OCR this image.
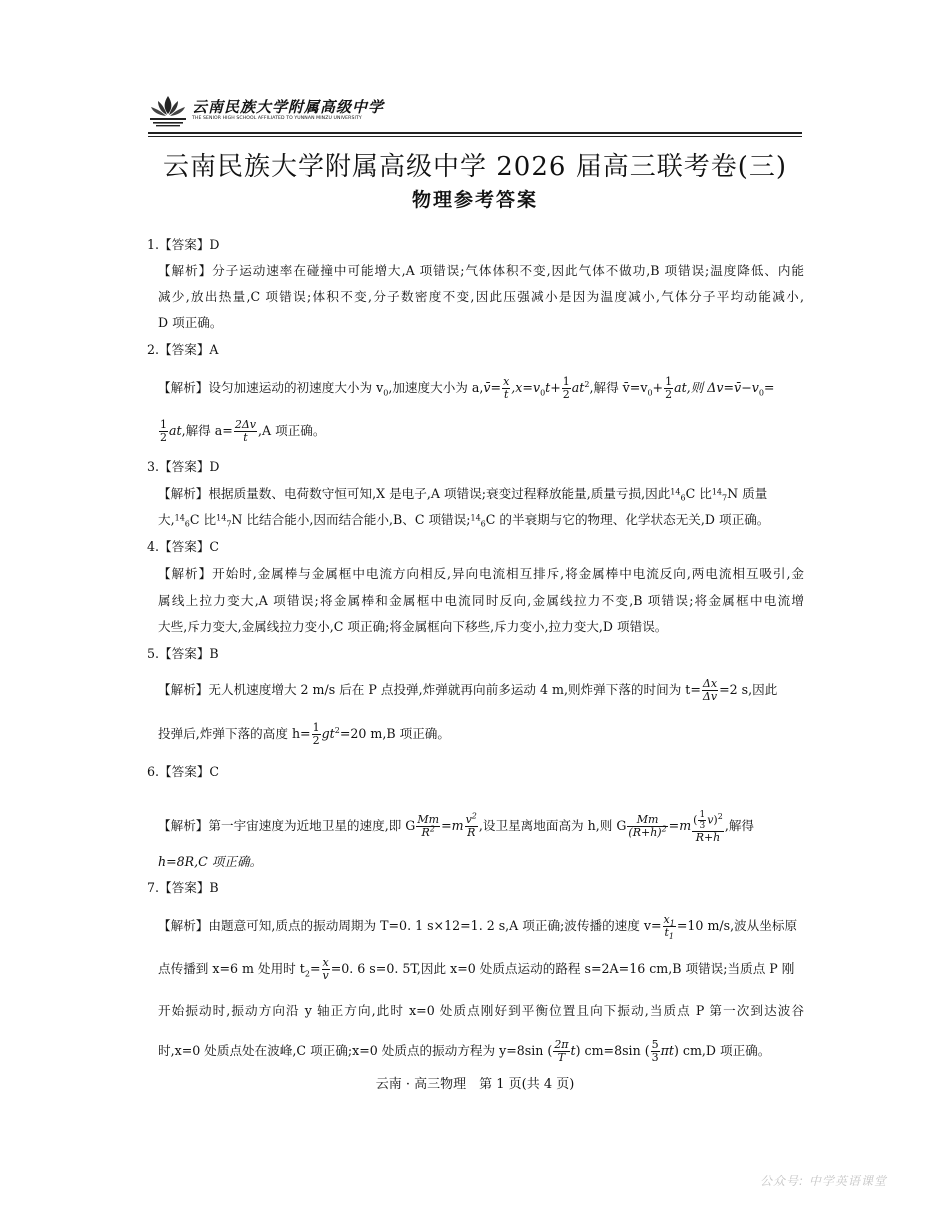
云南民族大学附属高级中学
THE SENIOR HIGH SCHOOL AFFILIATED TO YUNNAN MINZU UNIVERSITY
云南民族大学附属高级中学 2026 届高三联考卷(三)
物理参考答案
1.【答案】D
【解析】分子运动速率在碰撞中可能增大,A 项错误;气体体积不变,因此气体不做功,B 项错误;温度降低、内能
减少,放出热量,C 项错误;体积不变,分子数密度不变,因此压强减小是因为温度减小,气体分子平均动能减小,
D 项正确。
2.【答案】A
【解析】设匀加速运动的初速度大小为 $v_0$,加速度大小为 a,v̄= $\frac{x}{t} ,x=v_0t+ \frac{1}{2} at^2$,解得 $v̄=v_0+ \frac{1}{2}$ at,则 $\Delta v=v̄-v_0=$
$\frac{1}{2}$ at,解得 $a= \frac{2\Delta v}{t} ,A$ 项正确。
3.【答案】D
【解析】根据质量数、电荷数守恒可知,X 是电子,A 项错误;衰变过程释放能量,质量亏损,因此$^{14}_6$C 比$^{14}_7$N 质量
大,$^{14}_6$C 比$^{14}_7$N 比结合能小,因而结合能小,B、C 项错误;$^{14}_6$C 的半衰期与它的物理、化学状态无关,D 项正确。
4.【答案】C
【解析】开始时,金属棒与金属框中电流方向相反,异向电流相互排斥,将金属棒中电流反向,两电流相互吸引,金
属线上拉力变大,A 项错误;将金属棒和金属框中电流同时反向,金属线拉力不变,B 项错误;将金属框中电流增
大些,斥力变大,金属线拉力变小,C 项正确;将金属框向下移些,斥力变小,拉力变大,D 项错误。
5.【答案】B
【解析】无人机速度增大 2 m/s 后在 P 点投弹,炸弹就再向前多运动 4 m,则炸弹下落的时间为 $t= \frac{\Delta x}{\Delta v} =2$ s,因此
投弹后,炸弹下落的高度 $h= \frac{1}{2} gt^2=20$ m,B 项正确。
6.【答案】C
【解析】第一宇宙速度为近地卫星的速度,即 G $\frac{Mm}{R^2} =m \frac{v^2}{R}$ ,设卫星离地面高为 h,则 G $\frac{Mm}{(R+h)^2} =m \frac{( \frac{1}{3} v)^2}{R+h}$ ,解得
h=8R,C 项正确。
7.【答案】B
【解析】由题意可知,质点的振动周期为 T=0. 1 s×12=1. 2 s,A 项正确;波传播的速度 $v= \frac{x_1}{t_1} =10$ m/s,波从坐标原
点传播到 x=6 m 处用时 $t_2= \frac{x}{v} =0$. 6 s=0. 5T,因此 x=0 处质点运动的路程 s=2A=16 cm,B 项错误;当质点 P 刚
开始振动时,振动方向沿 y 轴正方向,此时 x=0 处质点刚好到平衡位置且向下振动,当质点 P 第一次到达波谷
时,x=0 处质点处在波峰,C 项正确;x=0 处质点的振动方程为 y=8sin ( $\frac{2\pi}{T} t$) cm=8sin ( $\frac{5}{3} \pi t$) cm,D 项正确。
云南 · 高三物理　第 1 页(共 4 页)
公众号: 中学英语课堂
